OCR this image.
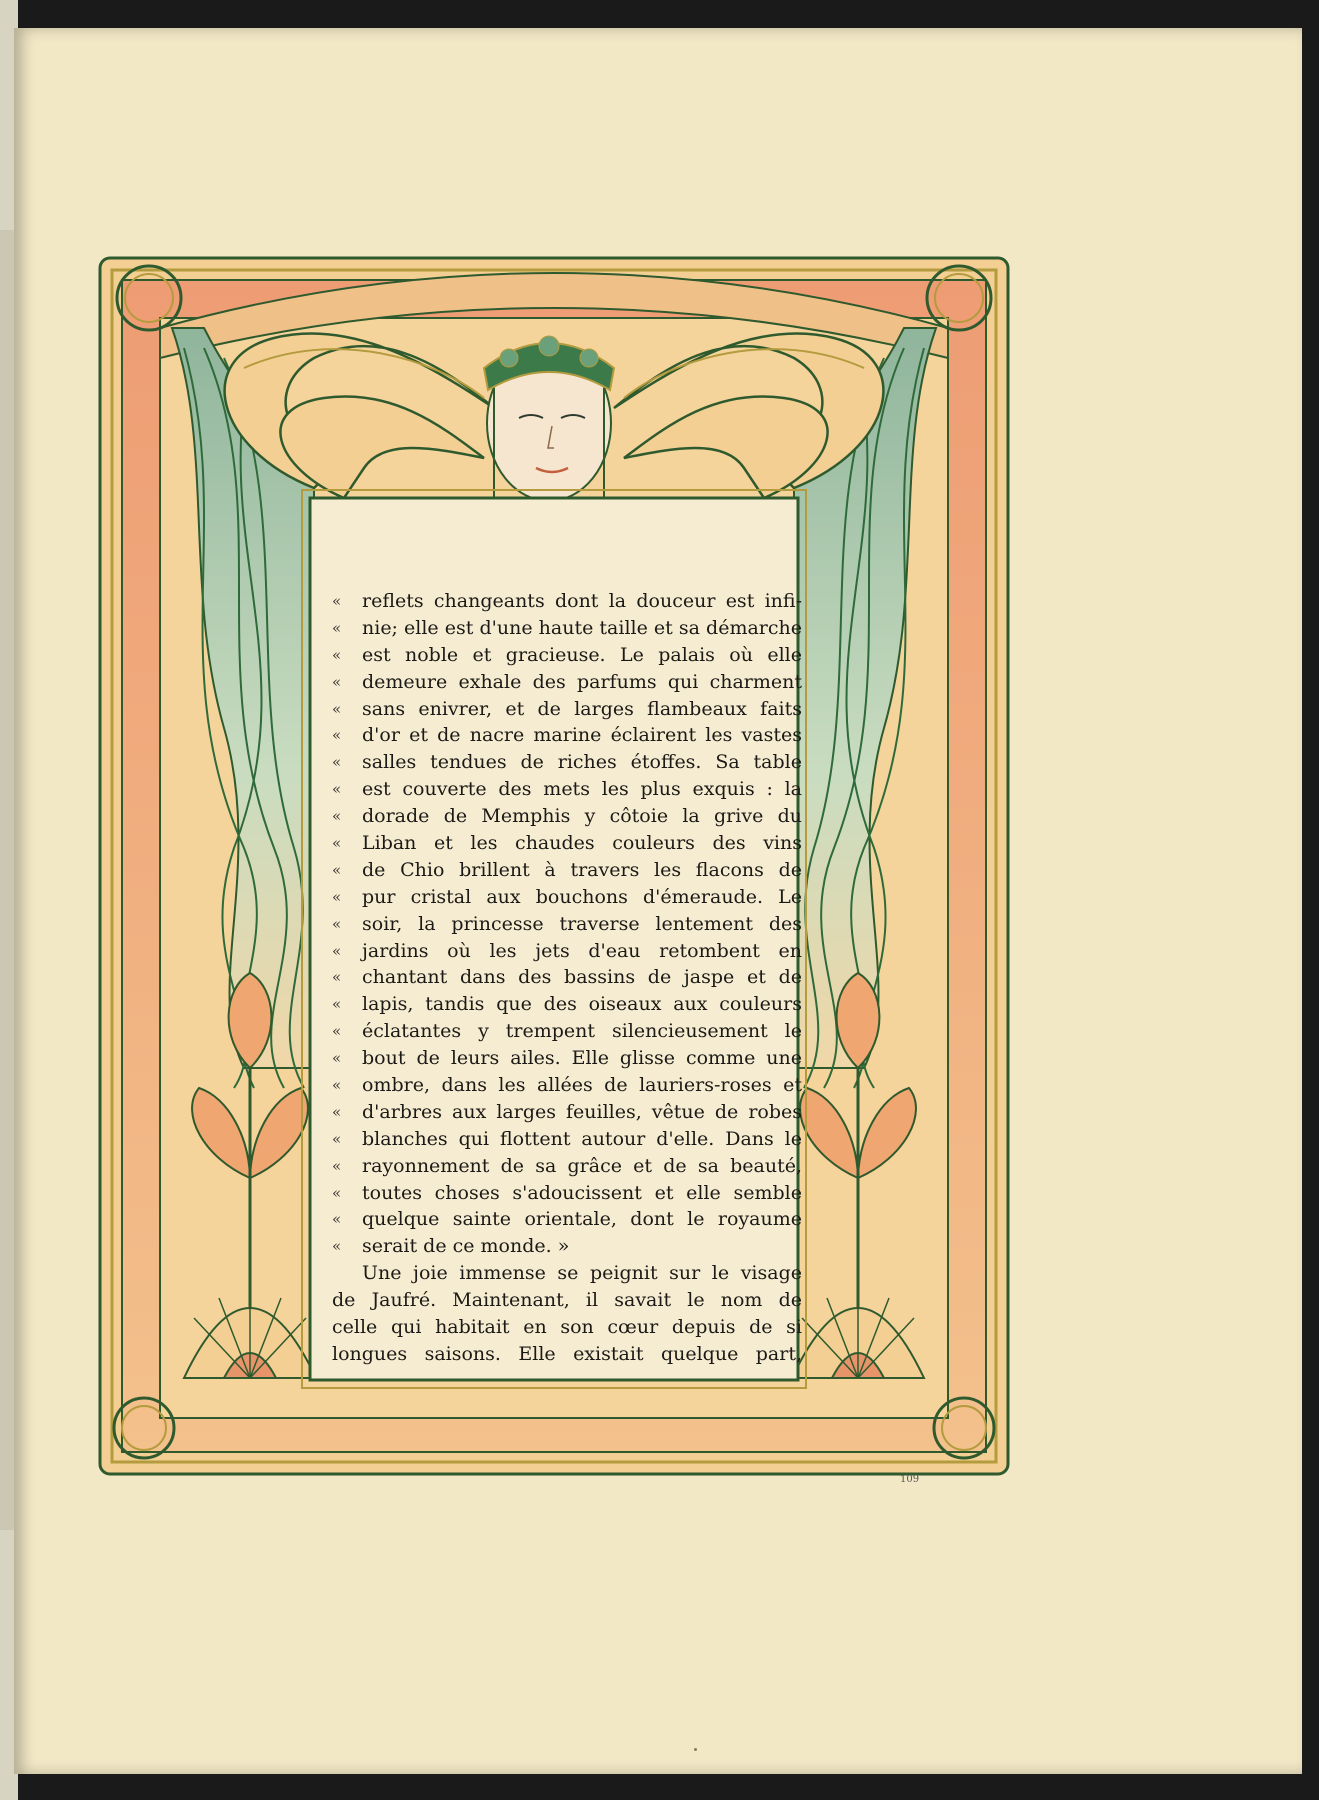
«	reflets changeants dont la douceur est infi-
«	nie; elle est d'une haute taille et sa démarche
«	est noble et gracieuse. Le palais où elle
«	demeure exhale des parfums qui charment
«	sans enivrer, et de larges flambeaux faits
«	d'or et de nacre marine éclairent les vastes
«	salles tendues de riches étoffes. Sa table
«	est couverte des mets les plus exquis : la
«	dorade de Memphis y côtoie la grive du
«	Liban et les chaudes couleurs des vins
«	de Chio brillent à travers les flacons de
«	pur cristal aux bouchons d'émeraude. Le
«	soir, la princesse traverse lentement des
«	jardins où les jets d'eau retombent en
«	chantant dans des bassins de jaspe et de
«	lapis, tandis que des oiseaux aux couleurs
«	éclatantes y trempent silencieusement le
«	bout de leurs ailes. Elle glisse comme une
«	ombre, dans les allées de lauriers-roses et
«	d'arbres aux larges feuilles, vêtue de robes
«	blanches qui flottent autour d'elle. Dans le
«	rayonnement de sa grâce et de sa beauté,
«	toutes choses s'adoucissent et elle semble
«	quelque sainte orientale, dont le royaume
«	serait de ce monde. »
Une joie immense se peignit sur le visage
de Jaufré. Maintenant, il savait le nom de
celle qui habitait en son cœur depuis de si
longues saisons. Elle existait quelque part,
109
